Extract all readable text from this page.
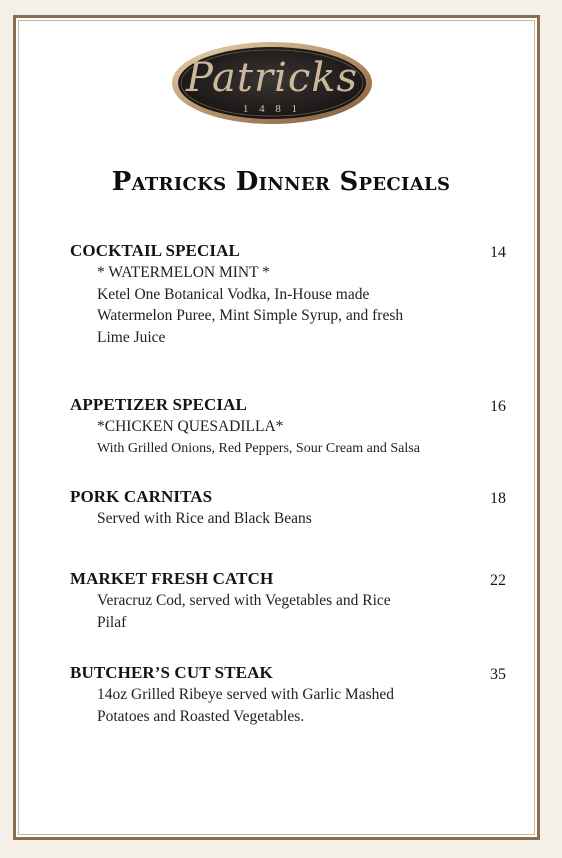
Patricks
1 4 8 1
Patricks Dinner Specials
COCKTAIL SPECIAL	14
* WATERMELON MINT *
Ketel One Botanical Vodka, In-House made
Watermelon Puree, Mint Simple Syrup, and fresh
Lime Juice
APPETIZER SPECIAL	16
*CHICKEN QUESADILLA*
With Grilled Onions, Red Peppers, Sour Cream and Salsa
PORK CARNITAS	18
Served with Rice and Black Beans
MARKET FRESH CATCH	22
Veracruz Cod, served with Vegetables and Rice
Pilaf
BUTCHER’S CUT STEAK	35
14oz Grilled Ribeye served with Garlic Mashed
Potatoes and Roasted Vegetables.
